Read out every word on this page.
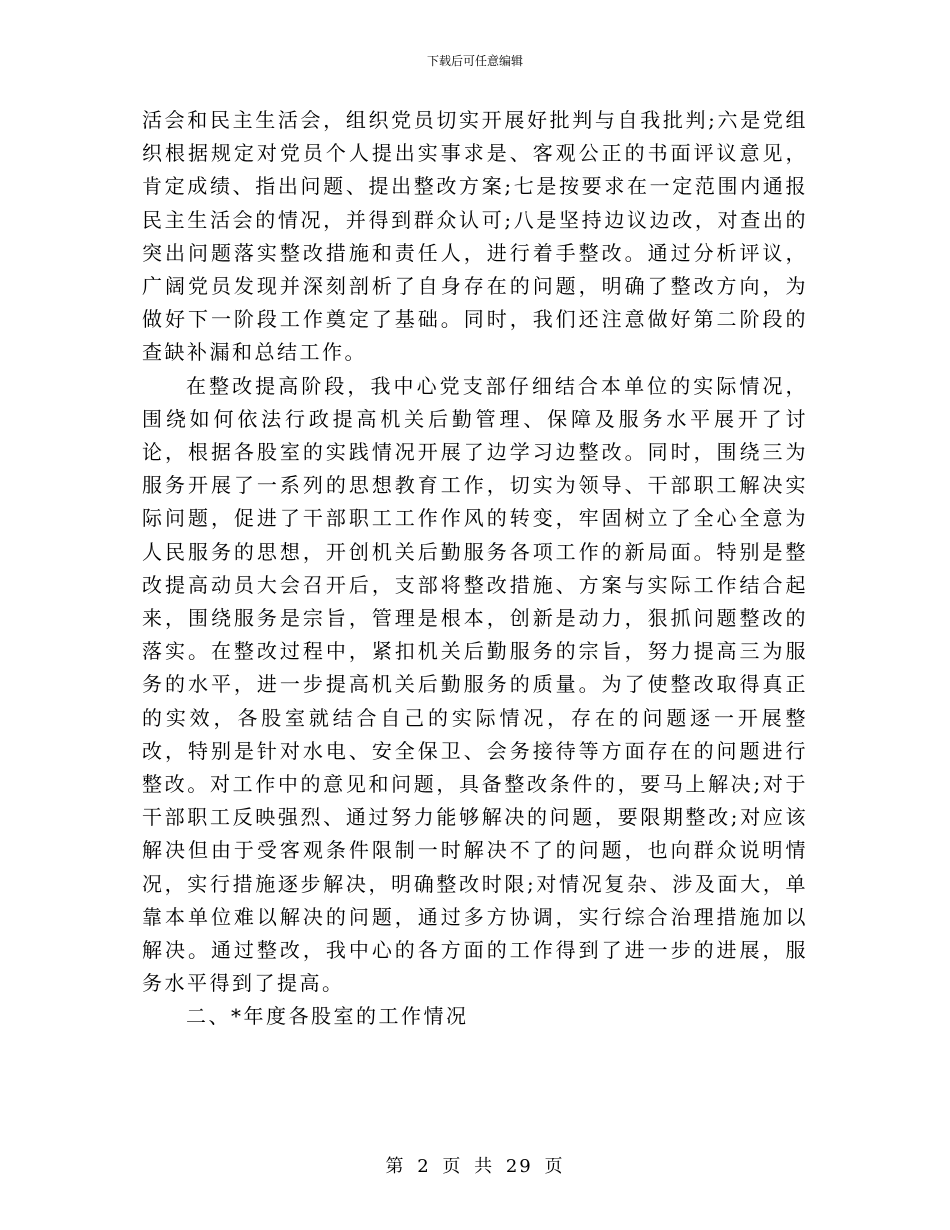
下载后可任意编辑

活会和民主生活会，组织党员切实开展好批判与自我批判;六是党组织根据规定对党员个人提出实事求是、客观公正的书面评议意见，肯定成绩、指出问题、提出整改方案;七是按要求在一定范围内通报民主生活会的情况，并得到群众认可;八是坚持边议边改，对查出的突出问题落实整改措施和责任人，进行着手整改。通过分析评议，广阔党员发现并深刻剖析了自身存在的问题，明确了整改方向，为做好下一阶段工作奠定了基础。同时，我们还注意做好第二阶段的查缺补漏和总结工作。

在整改提高阶段，我中心党支部仔细结合本单位的实际情况， 围绕如何依法行政提高机关后勤管理、保障及服务水平展开了讨论，根据各股室的实践情况开展了边学习边整改。同时，围绕三为服务开展了一系列的思想教育工作，切实为领导、干部职工解决实际问题，促进了干部职工工作作风的转变，牢固树立了全心全意为人民服务的思想，开创机关后勤服务各项工作的新局面。特别是整改提高动员大会召开后，支部将整改措施、方案与实际工作结合起来，围绕服务是宗旨，管理是根本，创新是动力，狠抓问题整改的落实。在整改过程中，紧扣机关后勤服务的宗旨，努力提高三为服务的水平，进一步提高机关后勤服务的质量。为了使整改取得真正的实效，各股室就结合自己的实际情况，存在的问题逐一开展整改，特别是针对水电、安全保卫、会务接待等方面存在的问题进行整改。对工作中的意见和问题，具备整改条件的，要马上解决;对于干部职工反映强烈、通过努力能够解决的问题，要限期整改;对应该解决但由于受客观条件限制一时解决不了的问题，也向群众说明情况，实行措施逐步解决，明确整改时限;对情况复杂、涉及面大，单靠本单位难以解决的问题，通过多方协调，实行综合治理措施加以解决。通过整改，我中心的各方面的工作得到了进一步的进展，服务水平得到了提高。

二、*年度各股室的工作情况

第 2 页 共 29 页
